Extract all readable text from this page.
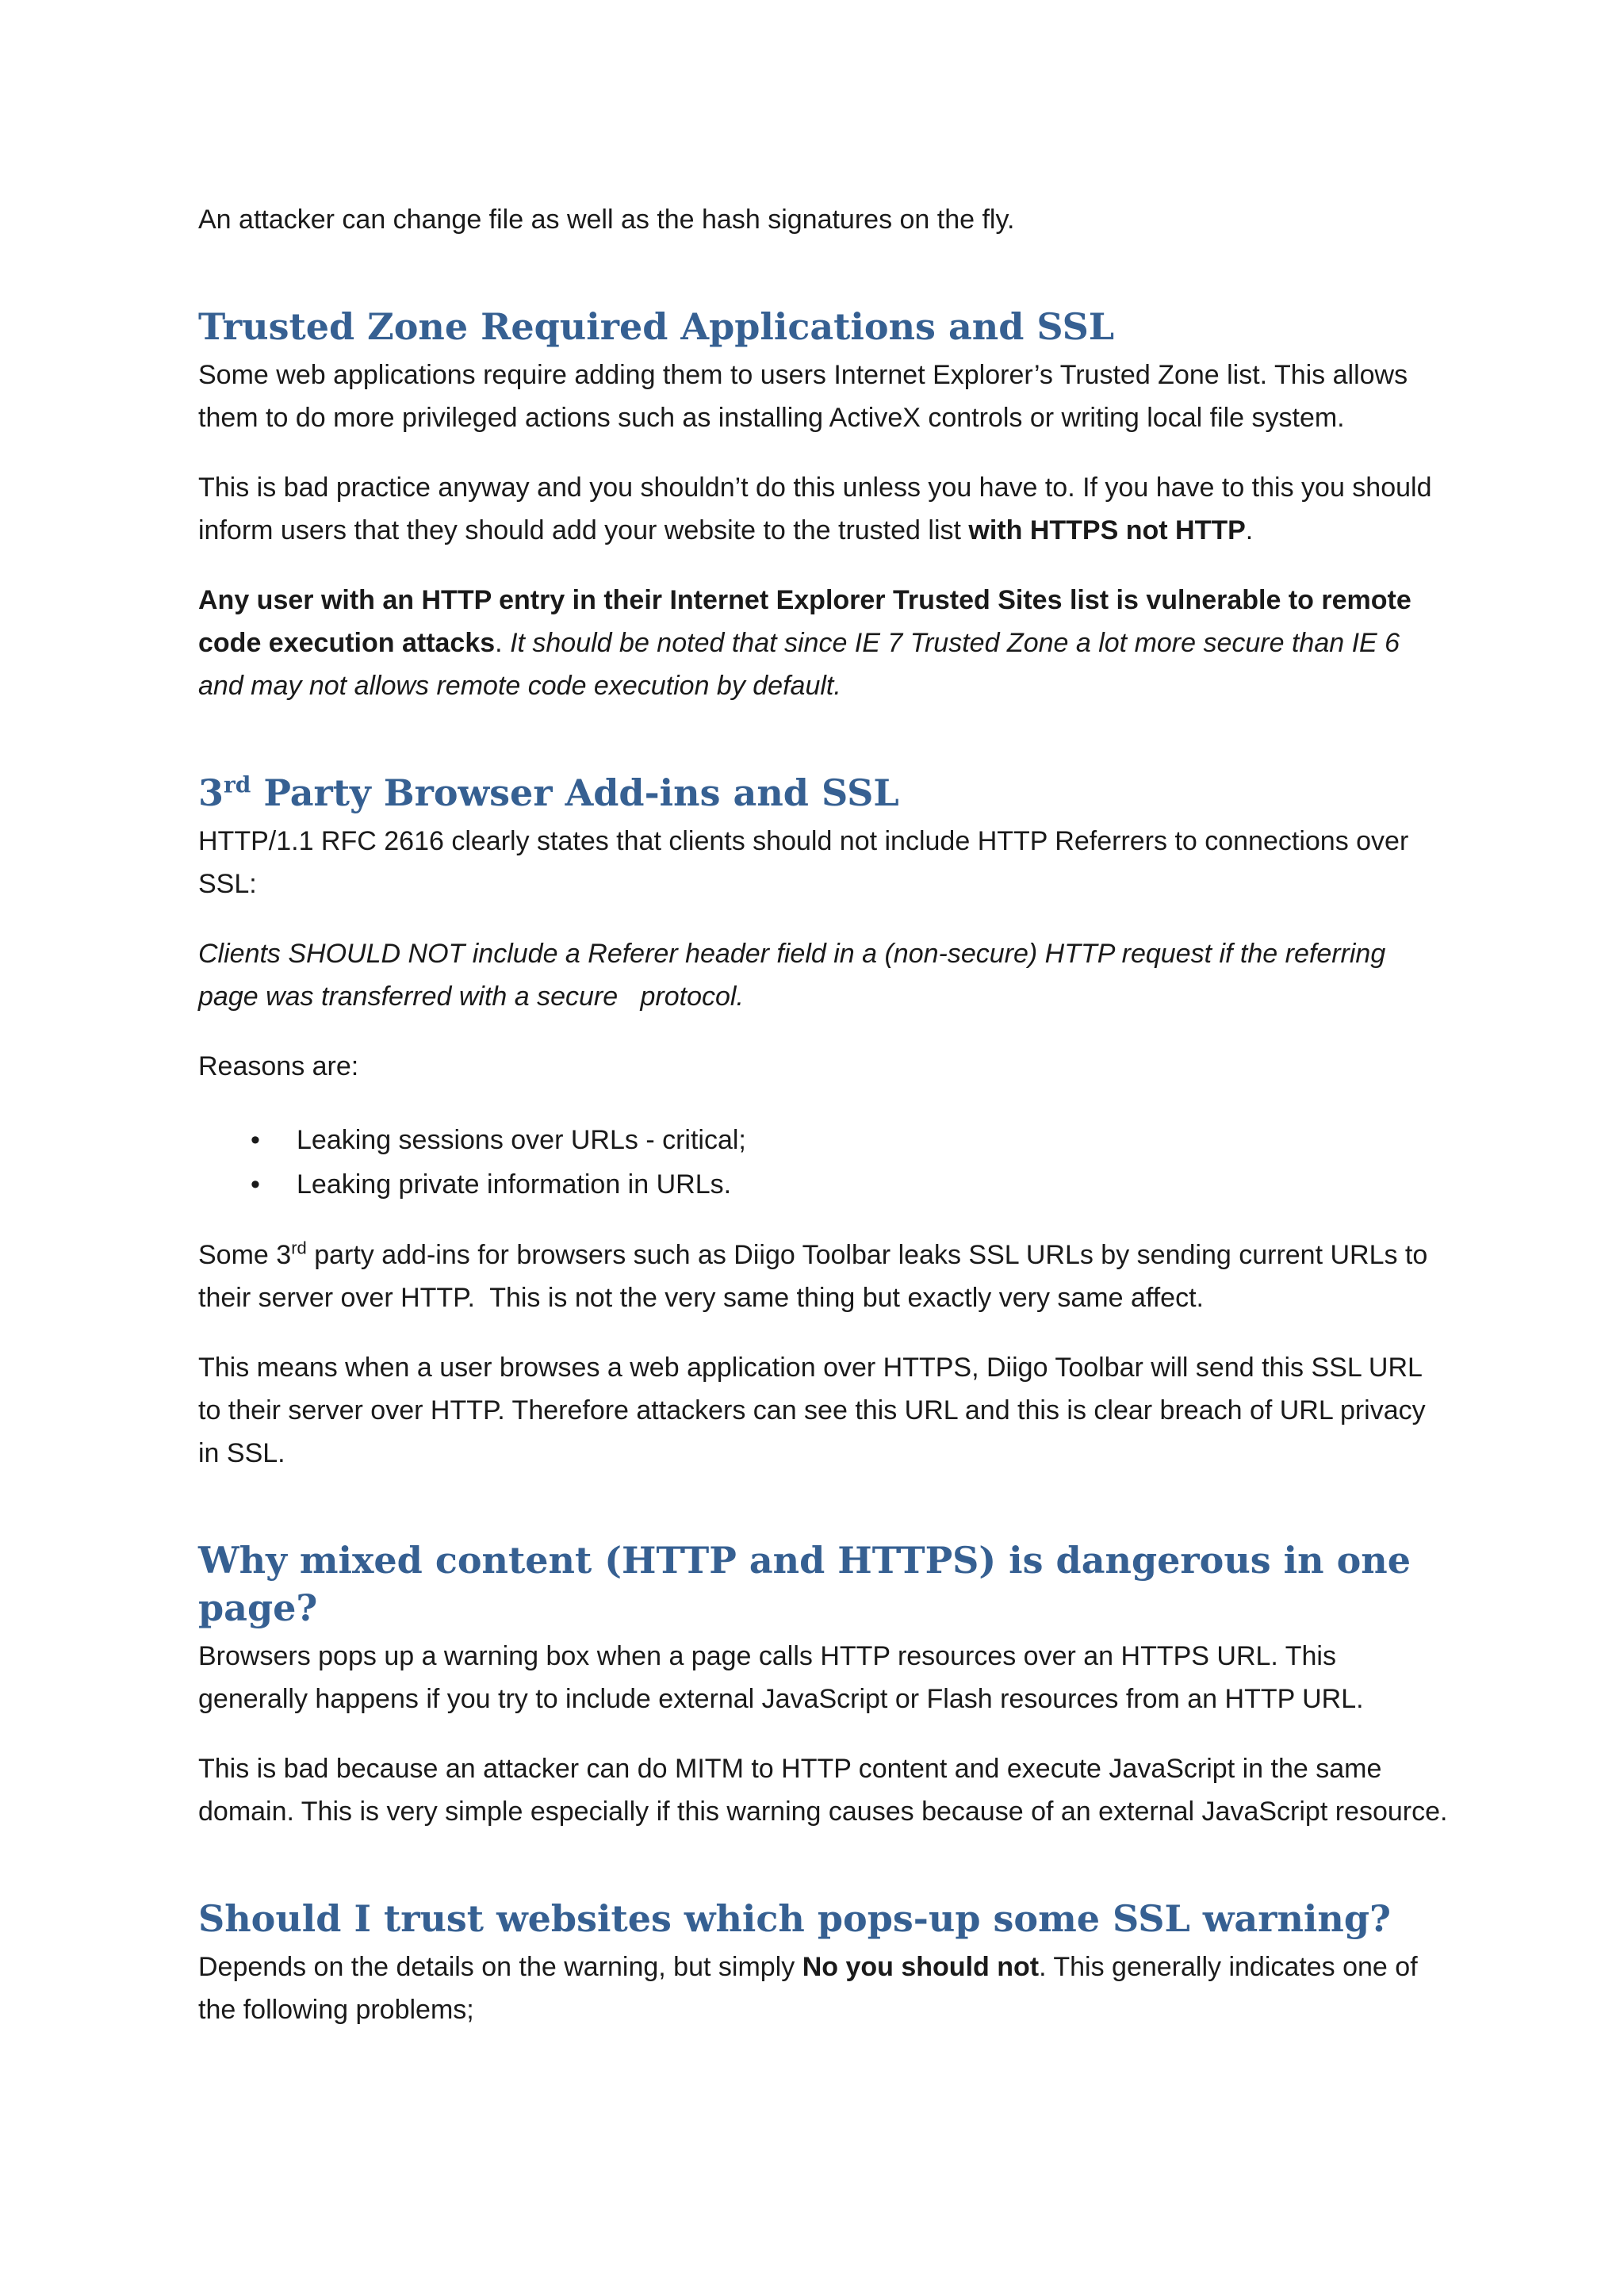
An attacker can change file as well as the hash signatures on the fly.

Trusted Zone Required Applications and SSL

Some web applications require adding them to users Internet Explorer’s Trusted Zone list. This allows them to do more privileged actions such as installing ActiveX controls or writing local file system.

This is bad practice anyway and you shouldn’t do this unless you have to. If you have to this you should inform users that they should add your website to the trusted list with HTTPS not HTTP.

Any user with an HTTP entry in their Internet Explorer Trusted Sites list is vulnerable to remote code execution attacks. It should be noted that since IE 7 Trusted Zone a lot more secure than IE 6 and may not allows remote code execution by default.

3rd Party Browser Add-ins and SSL

HTTP/1.1 RFC 2616 clearly states that clients should not include HTTP Referrers to connections over SSL:

Clients SHOULD NOT include a Referer header field in a (non-secure) HTTP request if the referring page was transferred with a secure   protocol.

Reasons are:

• Leaking sessions over URLs - critical;
• Leaking private information in URLs.

Some 3rd party add-ins for browsers such as Diigo Toolbar leaks SSL URLs by sending current URLs to their server over HTTP.  This is not the very same thing but exactly very same affect.

This means when a user browses a web application over HTTPS, Diigo Toolbar will send this SSL URL to their server over HTTP. Therefore attackers can see this URL and this is clear breach of URL privacy in SSL.

Why mixed content (HTTP and HTTPS) is dangerous in one page?

Browsers pops up a warning box when a page calls HTTP resources over an HTTPS URL. This generally happens if you try to include external JavaScript or Flash resources from an HTTP URL.

This is bad because an attacker can do MITM to HTTP content and execute JavaScript in the same domain. This is very simple especially if this warning causes because of an external JavaScript resource.

Should I trust websites which pops-up some SSL warning?

Depends on the details on the warning, but simply No you should not. This generally indicates one of the following problems;
